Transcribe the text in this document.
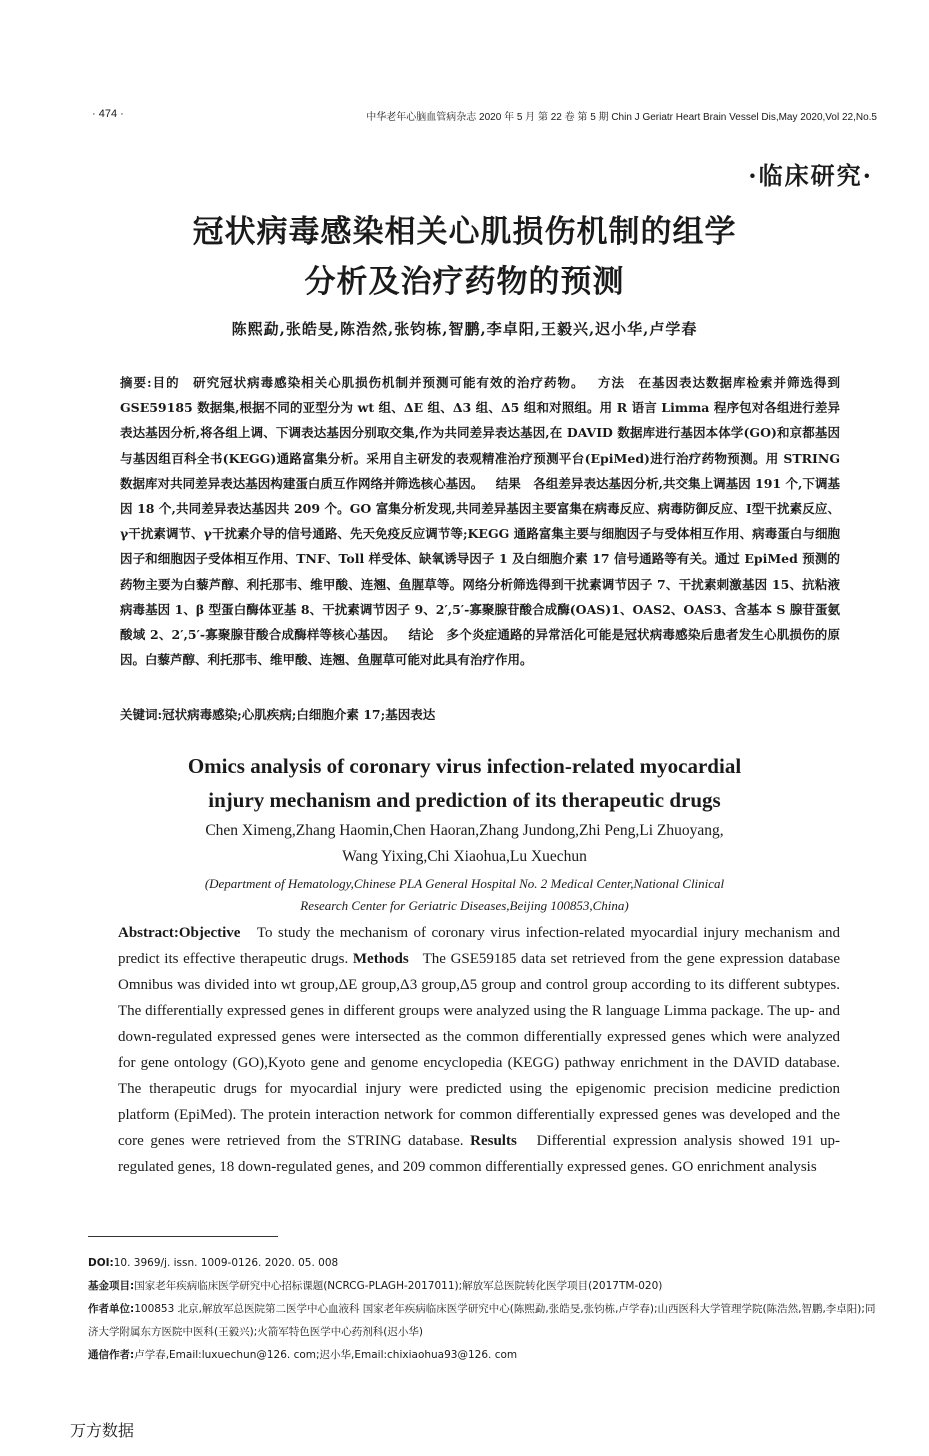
· 474 ·	中华老年心脑血管病杂志 2020 年 5 月 第 22 卷 第 5 期 Chin J Geriatr Heart Brain Vessel Dis,May 2020,Vol 22,No.5
·临床研究·
冠状病毒感染相关心肌损伤机制的组学
分析及治疗药物的预测
陈熙勐,张皓旻,陈浩然,张钧栋,智鹏,李卓阳,王毅兴,迟小华,卢学春
摘要:目的  研究冠状病毒感染相关心肌损伤机制并预测可能有效的治疗药物。  方法  在基因表达数据库检索并筛选得到 GSE59185 数据集,根据不同的亚型分为 wt 组、ΔE 组、Δ3 组、Δ5 组和对照组。用 R 语言 Limma 程序包对各组进行差异表达基因分析,将各组上调、下调表达基因分别取交集,作为共同差异表达基因,在 DAVID 数据库进行基因本体学(GO)和京都基因与基因组百科全书(KEGG)通路富集分析。采用自主研发的表观精准治疗预测平台(EpiMed)进行治疗药物预测。用 STRING 数据库对共同差异表达基因构建蛋白质互作网络并筛选核心基因。  结果  各组差异表达基因分析,共交集上调基因 191 个,下调基因 18 个,共同差异表达基因共 209 个。GO 富集分析发现,共同差异基因主要富集在病毒反应、病毒防御反应、Ⅰ型干扰素反应、γ干扰素调节、γ干扰素介导的信号通路、先天免疫反应调节等;KEGG 通路富集主要与细胞因子与受体相互作用、病毒蛋白与细胞因子和细胞因子受体相互作用、TNF、Toll 样受体、缺氧诱导因子 1 及白细胞介素 17 信号通路等有关。通过 EpiMed 预测的药物主要为白藜芦醇、利托那韦、维甲酸、连翘、鱼腥草等。网络分析筛选得到干扰素调节因子 7、干扰素刺激基因 15、抗粘液病毒基因 1、β 型蛋白酶体亚基 8、干扰素调节因子 9、2′,5′-寡聚腺苷酸合成酶(OAS)1、OAS2、OAS3、含基本 S 腺苷蛋氨酸域 2、2′,5′-寡聚腺苷酸合成酶样等核心基因。  结论  多个炎症通路的异常活化可能是冠状病毒感染后患者发生心肌损伤的原因。白藜芦醇、利托那韦、维甲酸、连翘、鱼腥草可能对此具有治疗作用。
关键词:冠状病毒感染;心肌疾病;白细胞介素 17;基因表达
Omics analysis of coronary virus infection-related myocardial
injury mechanism and prediction of its therapeutic drugs
Chen Ximeng,Zhang Haomin,Chen Haoran,Zhang Jundong,Zhi Peng,Li Zhuoyang,
Wang Yixing,Chi Xiaohua,Lu Xuechun
(Department of Hematology,Chinese PLA General Hospital No. 2 Medical Center,National Clinical
Research Center for Geriatric Diseases,Beijing 100853,China)
Abstract:Objective To study the mechanism of coronary virus infection-related myocardial injury mechanism and predict its effective therapeutic drugs. Methods The GSE59185 data set retrieved from the gene expression database Omnibus was divided into wt group,ΔE group,Δ3 group,Δ5 group and control group according to its different subtypes. The differentially expressed genes in different groups were analyzed using the R language Limma package. The up- and down-regulated expressed genes were intersected as the common differentially expressed genes which were analyzed for gene ontology (GO),Kyoto gene and genome encyclopedia (KEGG) pathway enrichment in the DAVID database. The therapeutic drugs for myocardial injury were predicted using the epigenomic precision medicine prediction platform (EpiMed). The protein interaction network for common differentially expressed genes was developed and the core genes were retrieved from the STRING database. Results Differential expression analysis showed 191 up-regulated genes, 18 down-regulated genes, and 209 common differentially expressed genes. GO enrichment analysis
DOI:10. 3969/j. issn. 1009-0126. 2020. 05. 008
基金项目:国家老年疾病临床医学研究中心招标课题(NCRCG-PLAGH-2017011);解放军总医院转化医学项目(2017TM-020)
作者单位:100853 北京,解放军总医院第二医学中心血液科 国家老年疾病临床医学研究中心(陈熙勐,张皓旻,张钧栋,卢学春);山西医科大学管理学院(陈浩然,智鹏,李卓阳);同济大学附属东方医院中医科(王毅兴);火箭军特色医学中心药剂科(迟小华)
通信作者:卢学春,Email:luxuechun@126. com;迟小华,Email:chixiaohua93@126. com
万方数据
